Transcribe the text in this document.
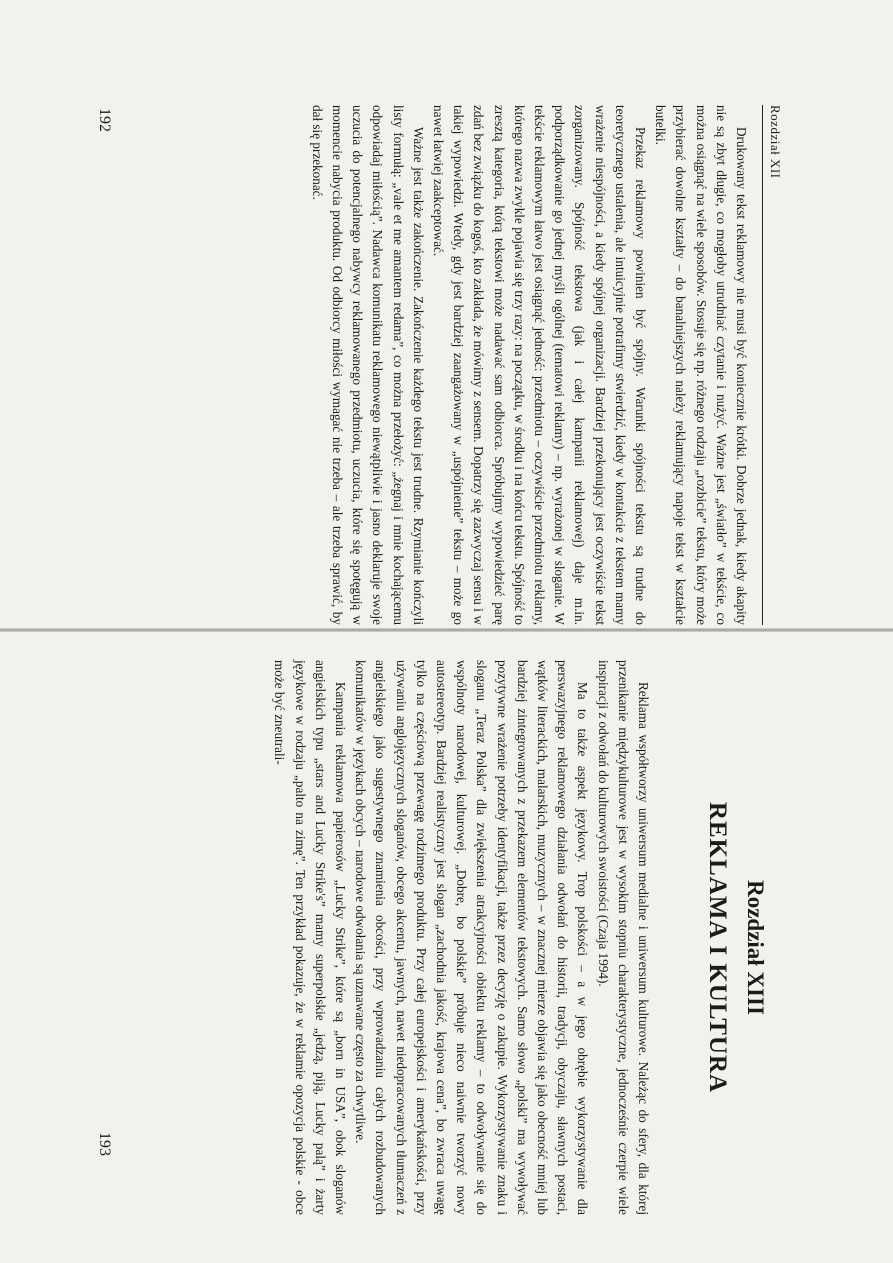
Rozdział XII

Drukowany tekst reklamowy nie musi być koniecznie krótki. Dobrze jednak, kiedy akapity nie są zbyt długie, co mogłoby utrudniać czytanie i nużyć. Ważne jest „światło” w tekście, co można osiągnąć na wiele sposobów. Stosuje się np. różnego rodzaju „rozbicie” tekstu, który może przybierać dowolne kształty – do banalniejszych należy reklamujący napoje tekst w kształcie butelki.

Przekaz reklamowy powinien być spójny. Warunki spójności tekstu są trudne do teoretycznego ustalenia, ale intuicyjnie potrafimy stwierdzić, kiedy w kontakcie z tekstem mamy wrażenie niespójności, a kiedy spójnej organizacji. Bardziej przekonujący jest oczywiście tekst zorganizowany. Spójność tekstowa (jak i całej kampanii reklamowej) daje m.in. podporządkowanie go jednej myśli ogólnej (tematowi reklamy) – np. wyrażonej w sloganie. W tekście reklamowym łatwo jest osiągnąć jedność: przedmiotu – oczywiście przedmiotu reklamy, którego nazwa zwykle pojawia się trzy razy: na początku, w środku i na końcu tekstu. Spójność to zresztą kategoria, którą tekstowi może nadawać sam odbiorca. Spróbujmy wypowiedzieć parę zdań bez związku do kogoś, kto zakłada, że mówimy z sensem. Dopatrzy się zazwyczaj sensu i w takiej wypowiedzi. Wtedy, gdy jest bardziej zaangażowany w „uspójnienie” tekstu – może go nawet łatwiej zaakceptować.

Ważne jest także zakończenie. Zakończenie każdego tekstu jest trudne. Rzymianie kończyli listy formułą: „vale et me amantem redama”, co można przełożyć: „żegnaj i mnie kochającemu odpowiadaj miłością”. Nadawca komunikatu reklamowego niewątpliwie i jasno deklaruje swoje uczucia do potencjalnego nabywcy reklamowanego przedmiotu, uczucia, które się spotęgują w momencie nabycia produktu. Od odbiorcy miłości wymagać nie trzeba – ale trzeba sprawić, by dał się przekonać.

192
Rozdział XIII
REKLAMA I KULTURA

Reklama współtworzy uniwersum medialne i uniwersum kulturowe. Należąc do sfery, dla której przenikanie międzykulturowe jest w wysokim stopniu charakterystyczne, jednocześnie czerpie wiele inspiracji z odwołań do kulturowych swoistości (Czaja 1994).

Ma to także aspekt językowy. Trop polskości – a w jego obrębie wykorzystywanie dla perswazyjnego reklamowego działania odwołań do historii, tradycji, obyczaju, sławnych postaci, wątków literackich, malarskich, muzycznych – w znacznej mierze objawia się jako obecność mniej lub bardziej zintegrowanych z przekazem elementów tekstowych. Samo słowo „polski” ma wywoływać pozytywne wrażenie potrzeby identyfikacji, także przez decyzję o zakupie. Wykorzystywanie znaku i sloganu „Teraz Polska” dla zwiększenia atrakcyjności obiektu reklamy – to odwoływanie się do wspólnoty narodowej, kulturowej. „Dobre, bo polskie” próbuje nieco naiwnie tworzyć nowy autostereotyp. Bardziej realistyczny jest slogan „zachodnia jakość, krajowa cena”, bo zwraca uwagę tylko na częściową przewagę rodzimego produktu. Przy całej europejskości i amerykańskości, przy używaniu anglojęzycznych sloganów, obcego akcentu, jawnych, nawet niedopracowanych tłumaczeń z angielskiego jako sugestywnego znamienia obcości, przy wprowadzaniu całych rozbudowanych komunikatów w językach obcych – narodowe odwołania są uznawane często za chwytliwe.

Kampania reklamowa papierosów „Lucky Strike”, które są „born in USA”, obok sloganów angielskich typu „stars and Lucky Strike's” mamy superpolskie „jedzą, piją, Lucky palą” i żarty językowe w rodzaju „palto na zimę”. Ten przykład pokazuje, że w reklamie opozycja polskie - obce może być zneutrali-

193
